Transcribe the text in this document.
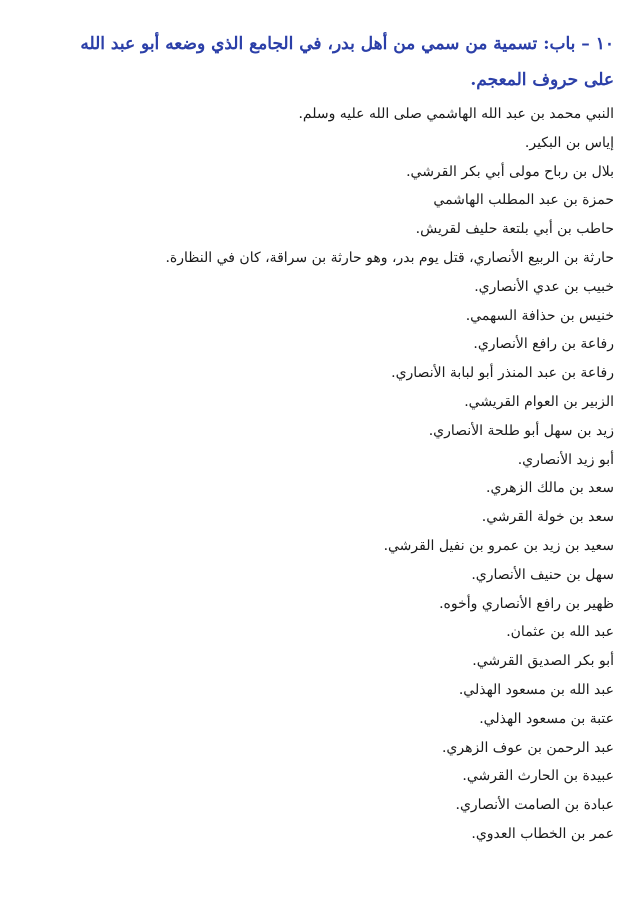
١٠ – باب: تسمية من سمي من أهل بدر، في الجامع الذي وضعه أبو عبد الله على حروف المعجم.
النبي محمد بن عبد الله الهاشمي صلى الله عليه وسلم.
إياس بن البكير.
بلال بن رباح مولى أبي بكر القرشي.
حمزة بن عبد المطلب الهاشمي
حاطب بن أبي بلتعة حليف لقريش.
حارثة بن الربيع الأنصاري، قتل يوم بدر، وهو حارثة بن سراقة، كان في النظارة.
خبيب بن عدي الأنصاري.
خنيس بن حذافة السهمي.
رفاعة بن رافع الأنصاري.
رفاعة بن عبد المنذر أبو لبابة الأنصاري.
الزبير بن العوام القريشي.
زيد بن سهل أبو طلحة الأنصاري.
أبو زيد الأنصاري.
سعد بن مالك الزهري.
سعد بن خولة القرشي.
سعيد بن زيد بن عمرو بن نفيل القرشي.
سهل بن حنيف الأنصاري.
ظهير بن رافع الأنصاري وأخوه.
عبد الله بن عثمان.
أبو بكر الصديق القرشي.
عبد الله بن مسعود الهذلي.
عتبة بن مسعود الهذلي.
عبد الرحمن بن عوف الزهري.
عبيدة بن الحارث القرشي.
عبادة بن الصامت الأنصاري.
عمر بن الخطاب العدوي.
